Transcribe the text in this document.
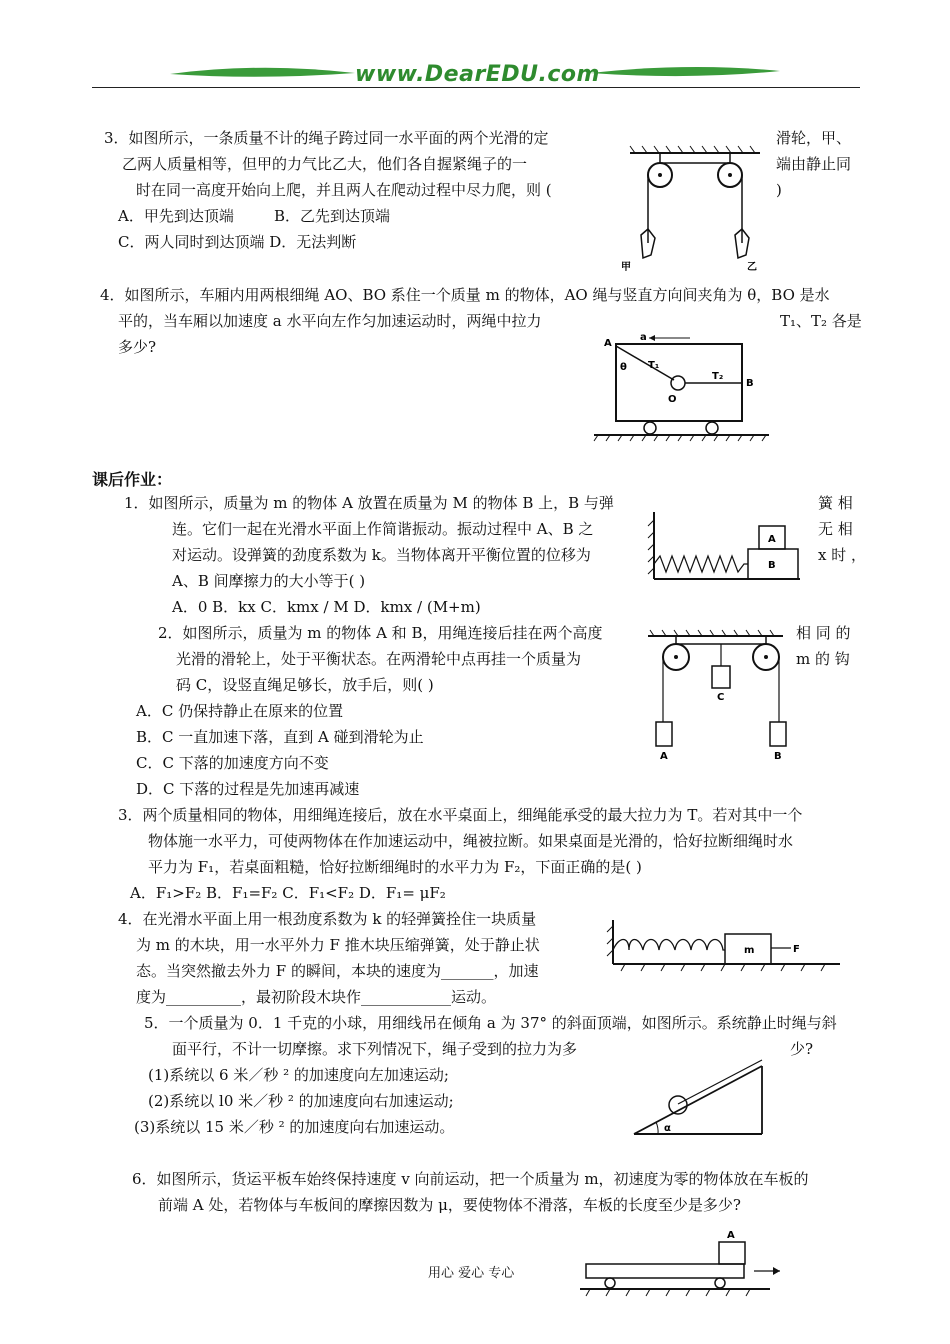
www.DearEDU.com
3．如图所示，一条质量不计的绳子跨过同一水平面的两个光滑的定	滑轮，甲、
乙两人质量相等，但甲的力气比乙大，他们各自握紧绳子的一	端由静止同
时在同一高度开始向上爬，并且两人在爬动过程中尽力爬，则 (	)
A．甲先到达顶端	B．乙先到达顶端
C．两人同时到达顶端 D．无法判断
甲	乙
4．如图所示，车厢内用两根细绳 AO、BO 系住一个质量 m 的物体，AO 绳与竖直方向间夹角为 θ，BO 是水
平的，当车厢以加速度 a 水平向左作匀加速运动时，两绳中拉力	T₁、T₂ 各是
多少?
a
A
θ T₁
O
T₂
B
课后作业：
1．如图所示，质量为 m 的物体 A 放置在质量为 M 的物体 B 上，B 与弹	簧 相
连。它们一起在光滑水平面上作简谐振动。振动过程中 A、B 之	无 相
对运动。设弹簧的劲度系数为 k。当物体离开平衡位置的位移为	x 时 ，
A、B 间摩擦力的大小等于( )
A．0 B．kx C．kmx / M D．kmx / (M+m)
A
B
2．如图所示，质量为 m 的物体 A 和 B，用绳连接后挂在两个高度	相 同 的
光滑的滑轮上，处于平衡状态。在两滑轮中点再挂一个质量为	m 的 钩
码 C，设竖直绳足够长，放手后，则( )
A．C 仍保持静止在原来的位置
B．C 一直加速下落，直到 A 碰到滑轮为止
C．C 下落的加速度方向不变
D．C 下落的过程是先加速再减速
C
A	B
3．两个质量相同的物体，用细绳连接后，放在水平桌面上，细绳能承受的最大拉力为 T。若对其中一个
物体施一水平力，可使两物体在作加速运动中，绳被拉断。如果桌面是光滑的，恰好拉断细绳时水
平力为 F₁，若桌面粗糙，恰好拉断细绳时的水平力为 F₂，下面正确的是( )
A．F₁>F₂ B．F₁=F₂ C．F₁<F₂ D．F₁= μF₂
4．在光滑水平面上用一根劲度系数为 k 的轻弹簧拴住一块质量
为 m 的木块，用一水平外力 F 推木块压缩弹簧，处于静止状
态。当突然撤去外力 F 的瞬间，本块的速度为_______，加速
度为__________，最初阶段木块作____________运动。
m	F
5．一个质量为 0．1 千克的小球，用细线吊在倾角 a 为 37° 的斜面顶端，如图所示。系统静止时绳与斜
面平行，不计一切摩擦。求下列情况下，绳子受到的拉力为多	少?
(1)系统以 6 米／秒 ² 的加速度向左加速运动;
(2)系统以 l0 米／秒 ² 的加速度向右加速运动;
(3)系统以 15 米／秒 ² 的加速度向右加速运动。	α
6．如图所示，货运平板车始终保持速度 v 向前运动，把一个质量为 m，初速度为零的物体放在车板的
前端 A 处，若物体与车板间的摩擦因数为 μ，要使物体不滑落，车板的长度至少是多少?
A
用心 爱心 专心
